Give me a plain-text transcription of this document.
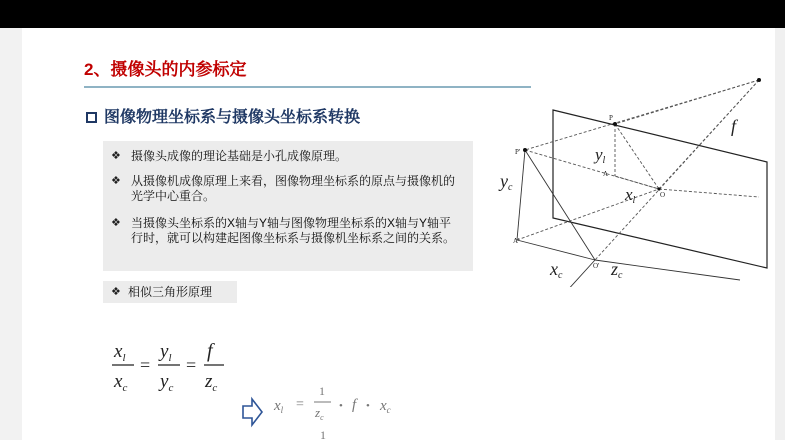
2、摄像头的内参标定
图像物理坐标系与摄像头坐标系转换
❖ 摄像头成像的理论基础是小孔成像原理。
❖ 从摄像机成像原理上来看，图像物理坐标系的原点与摄像机的光学中心重合。
❖ 当摄像头坐标系的X轴与Y轴与图像物理坐标系的X轴与Y轴平行时，就可以构建起图像坐标系与摄像机坐标系之间的关系。
❖ 相似三角形原理
$x_l$
$x_c$
=
$y_l$
$y_c$
=
f
$z_c$
$x_l$ =
1
$z_c$
• f • $x_c$
1
f
P
P'
A
A'
O
O'
yl
xl
yc
xc	zc
